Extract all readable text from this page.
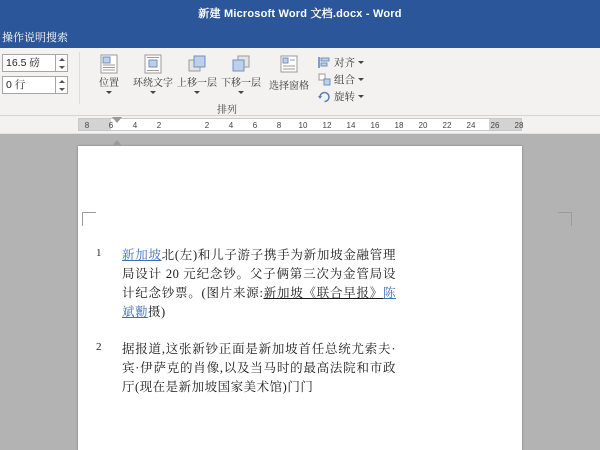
新建 Microsoft Word 文档.docx - Word
操作说明搜索
16.5 磅
0 行	位置 环绕文字 上移一层 下移一层 选择窗格
对齐
组合
旋转
排列
8 6 4 2	2 4 6 8 10 12 14 16 18 20 22 24 26 28
1	新加坡北(左)和儿子游子携手为新加坡金融管理局设计 20 元纪念钞。父子俩第三次为金管局设计纪念钞票。(图片来源:新加坡《联合早报》陈斌勷摄)
2	据报道,这张新钞正面是新加坡首任总统尤索夫·宾·伊萨克的肖像,以及当马时的最高法院和市政厅(现在是新加坡国家美术馆)门门
